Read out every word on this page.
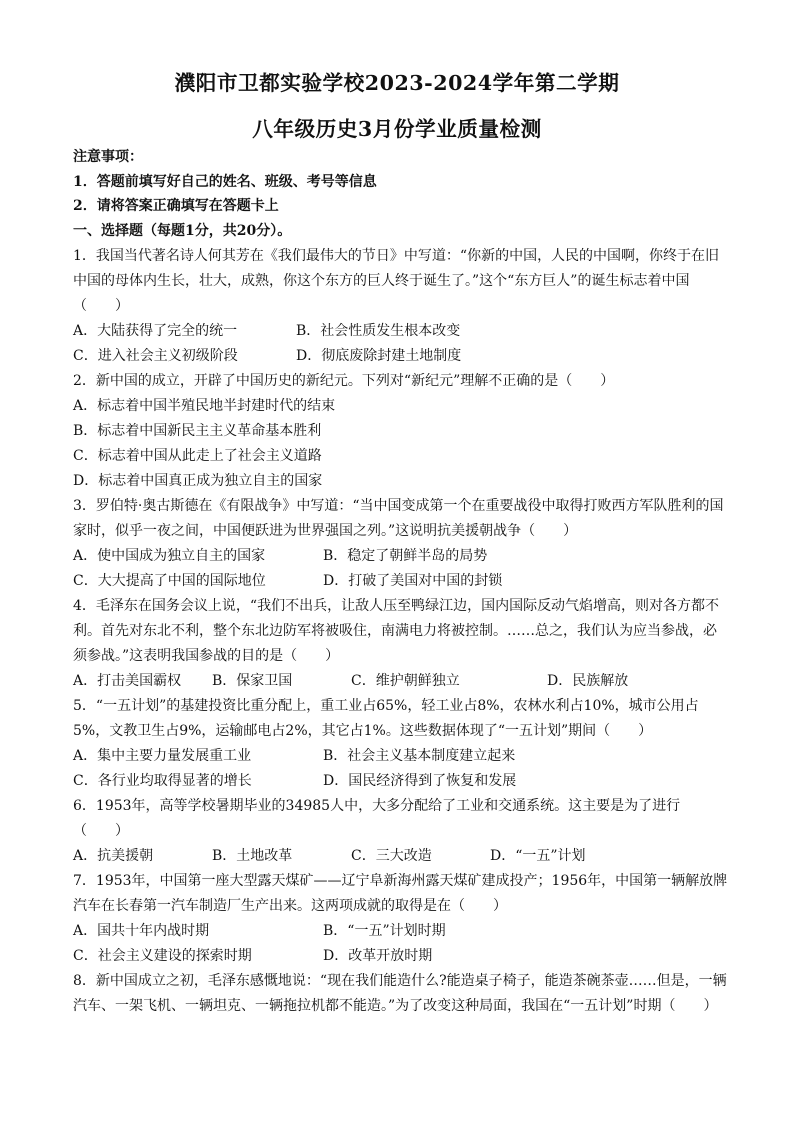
濮阳市卫都实验学校2023-2024学年第二学期
八年级历史3月份学业质量检测
注意事项：
1．答题前填写好自己的姓名、班级、考号等信息
2．请将答案正确填写在答题卡上
一、选择题（每题1分，共20分）。
1．我国当代著名诗人何其芳在《我们最伟大的节日》中写道：“你新的中国，人民的中国啊，你终于在旧
中国的母体内生长，壮大，成熟，你这个东方的巨人终于诞生了。”这个“东方巨人”的诞生标志着中国
（　　）
A．大陆获得了完全的统一	B．社会性质发生根本改变
C．进入社会主义初级阶段	D．彻底废除封建土地制度
2．新中国的成立，开辟了中国历史的新纪元。下列对“新纪元”理解不正确的是（　　）
A．标志着中国半殖民地半封建时代的结束
B．标志着中国新民主主义革命基本胜利
C．标志着中国从此走上了社会主义道路
D．标志着中国真正成为独立自主的国家
3．罗伯特·奥古斯德在《有限战争》中写道：“当中国变成第一个在重要战役中取得打败西方军队胜利的国
家时，似乎一夜之间，中国便跃进为世界强国之列。”这说明抗美援朝战争（　　）
A．使中国成为独立自主的国家	B．稳定了朝鲜半岛的局势
C．大大提高了中国的国际地位	D．打破了美国对中国的封锁
4．毛泽东在国务会议上说，“我们不出兵，让敌人压至鸭绿江边，国内国际反动气焰增高，则对各方都不
利。首先对东北不利，整个东北边防军将被吸住，南满电力将被控制。……总之，我们认为应当参战，必
须参战。”这表明我国参战的目的是（　　）
A．打击美国霸权 B．保家卫国	C．维护朝鲜独立	D．民族解放
5．“一五计划”的基建投资比重分配上，重工业占65%，轻工业占8%，农林水利占10%，城市公用占
5%，文教卫生占9%，运输邮电占2%，其它占1%。这些数据体现了“一五计划”期间（　　）
A．集中主要力量发展重工业	B．社会主义基本制度建立起来
C．各行业均取得显著的增长	D．国民经济得到了恢复和发展
6．1953年，高等学校暑期毕业的34985人中，大多分配给了工业和交通系统。这主要是为了进行
（　　）
A．抗美援朝	B．土地改革	C．三大改造	D．“一五”计划
7．1953年，中国第一座大型露天煤矿——辽宁阜新海州露天煤矿建成投产；1956年，中国第一辆解放牌
汽车在长春第一汽车制造厂生产出来。这两项成就的取得是在（　　）
A．国共十年内战时期	B．“一五”计划时期
C．社会主义建设的探索时期	D．改革开放时期
8．新中国成立之初，毛泽东感慨地说：“现在我们能造什么?能造桌子椅子，能造茶碗茶壶……但是，一辆
汽车、一架飞机、一辆坦克、一辆拖拉机都不能造。”为了改变这种局面，我国在“一五计划”时期（　　）
